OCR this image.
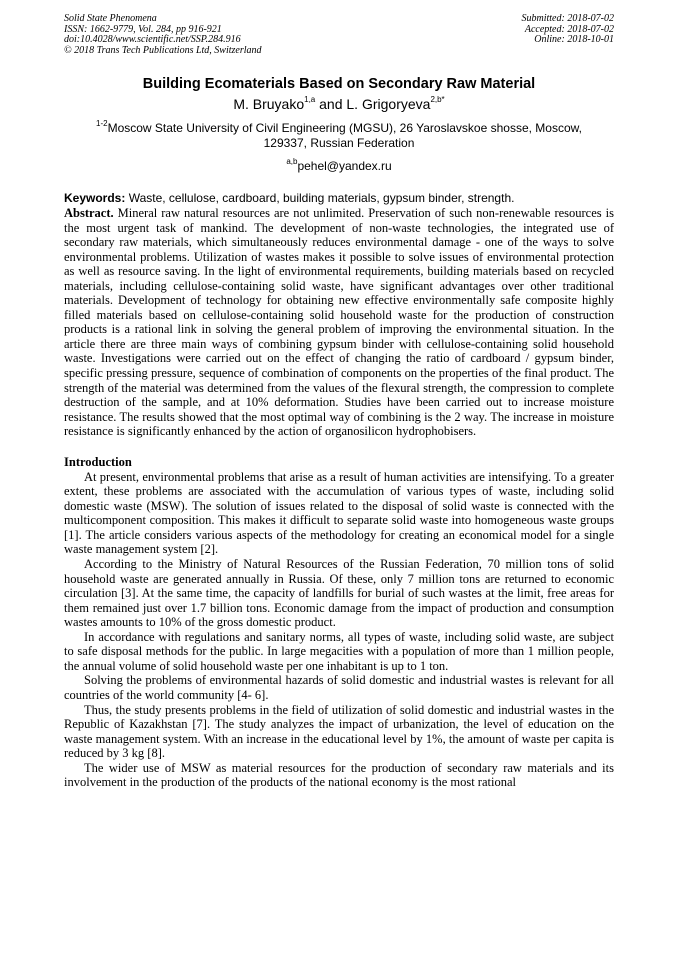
Solid State Phenomena
ISSN: 1662-9779, Vol. 284, pp 916-921
doi:10.4028/www.scientific.net/SSP.284.916
© 2018 Trans Tech Publications Ltd, Switzerland
Submitted: 2018-07-02
Accepted: 2018-07-02
Online: 2018-10-01
Building Ecomaterials Based on Secondary Raw Material
M. Bruyako$^{1,a}$ and L. Grigoryeva$^{2,b*}$
$^{1-2}$Moscow State University of Civil Engineering (MGSU), 26 Yaroslavskoe shosse, Moscow, 129337, Russian Federation
$^{a,b}$pehel@yandex.ru
Keywords: Waste, cellulose, cardboard, building materials, gypsum binder, strength.

Abstract. Mineral raw natural resources are not unlimited. Preservation of such non-renewable resources is the most urgent task of mankind. The development of non-waste technologies, the integrated use of secondary raw materials, which simultaneously reduces environmental damage - one of the ways to solve environmental problems. Utilization of wastes makes it possible to solve issues of environmental protection as well as resource saving. In the light of environmental requirements, building materials based on recycled materials, including cellulose-containing solid waste, have significant advantages over other traditional materials. Development of technology for obtaining new effective environmentally safe composite highly filled materials based on cellulose-containing solid household waste for the production of construction products is a rational link in solving the general problem of improving the environmental situation. In the article there are three main ways of combining gypsum binder with cellulose-containing solid household waste. Investigations were carried out on the effect of changing the ratio of cardboard / gypsum binder, specific pressing pressure, sequence of combination of components on the properties of the final product. The strength of the material was determined from the values of the flexural strength, the compression to complete destruction of the sample, and at 10% deformation. Studies have been carried out to increase moisture resistance. The results showed that the most optimal way of combining is the 2 way. The increase in moisture resistance is significantly enhanced by the action of organosilicon hydrophobisers.

Introduction

At present, environmental problems that arise as a result of human activities are intensifying. To a greater extent, these problems are associated with the accumulation of various types of waste, including solid domestic waste (MSW). The solution of issues related to the disposal of solid waste is connected with the multicomponent composition. This makes it difficult to separate solid waste into homogeneous waste groups [1]. The article considers various aspects of the methodology for creating an economical model for a single waste management system [2].

According to the Ministry of Natural Resources of the Russian Federation, 70 million tons of solid household waste are generated annually in Russia. Of these, only 7 million tons are returned to economic circulation [3]. At the same time, the capacity of landfills for burial of such wastes at the limit, free areas for them remained just over 1.7 billion tons. Economic damage from the impact of production and consumption wastes amounts to 10% of the gross domestic product.

In accordance with regulations and sanitary norms, all types of waste, including solid waste, are subject to safe disposal methods for the public. In large megacities with a population of more than 1 million people, the annual volume of solid household waste per one inhabitant is up to 1 ton.

Solving the problems of environmental hazards of solid domestic and industrial wastes is relevant for all countries of the world community [4- 6].

Thus, the study presents problems in the field of utilization of solid domestic and industrial wastes in the Republic of Kazakhstan [7]. The study analyzes the impact of urbanization, the level of education on the waste management system. With an increase in the educational level by 1%, the amount of waste per capita is reduced by 3 kg [8].

The wider use of MSW as material resources for the production of secondary raw materials and its involvement in the production of the products of the national economy is the most rational
